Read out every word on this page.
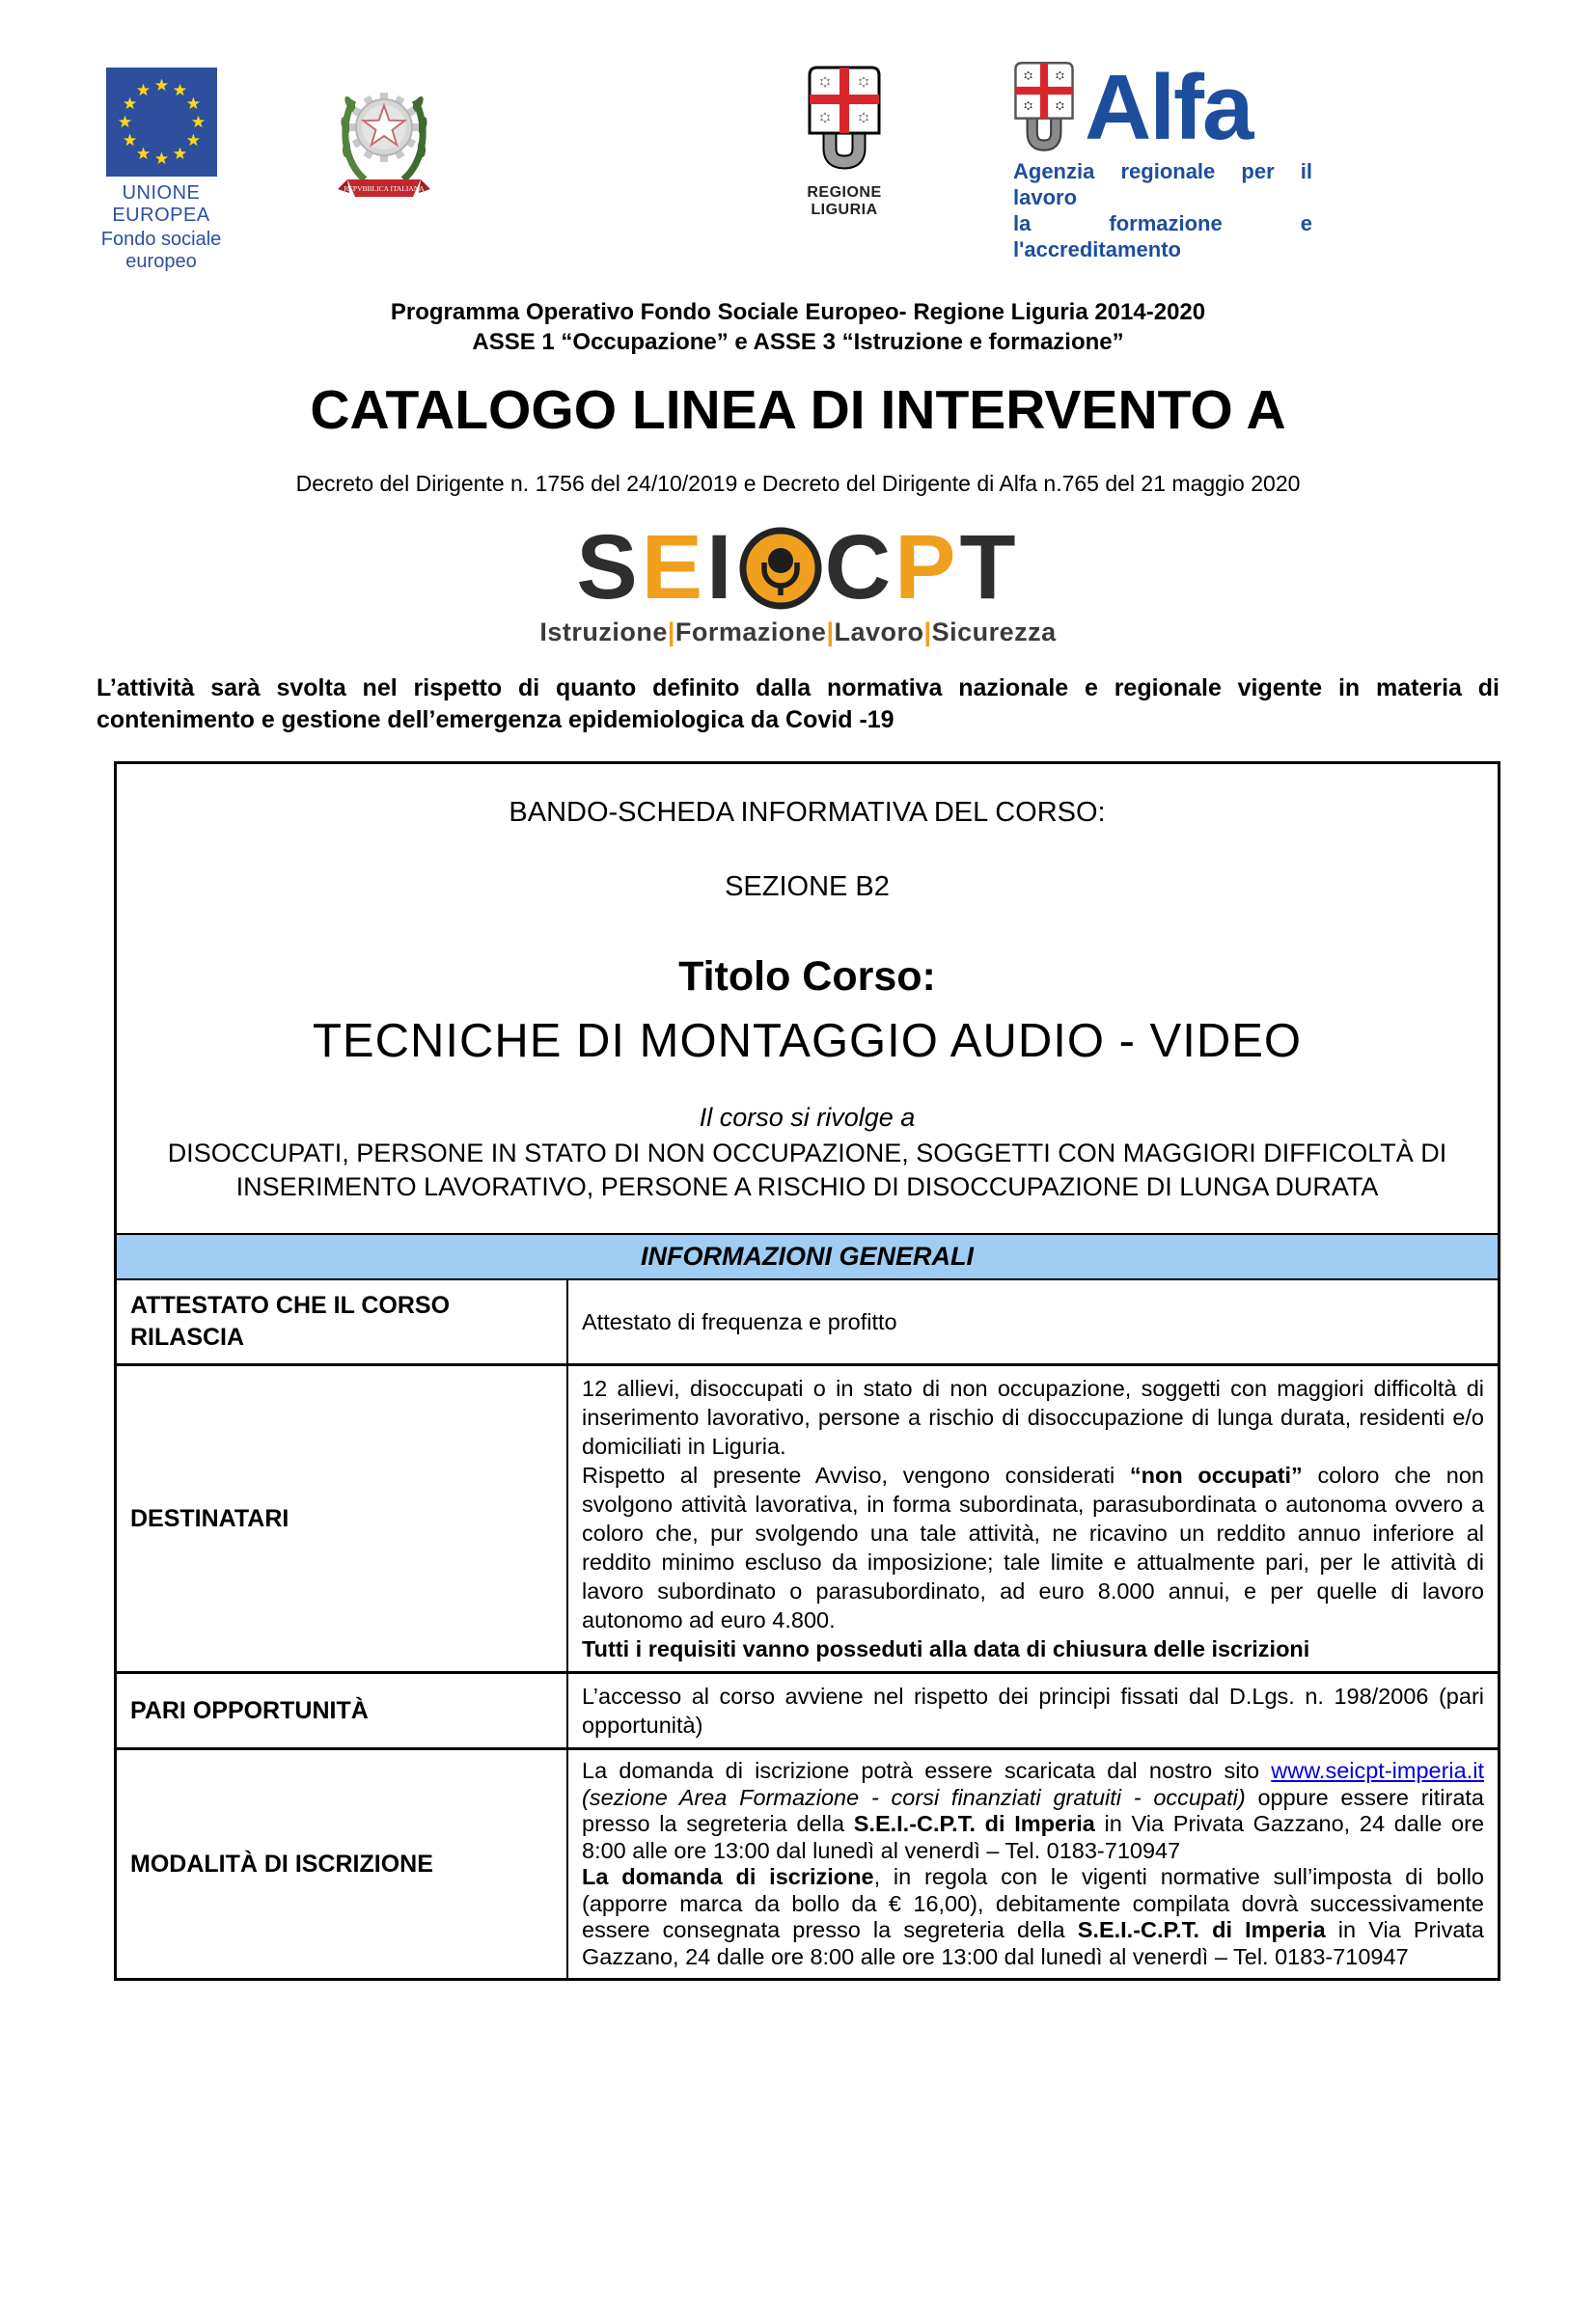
UNIONE EUROPEA
Fondo sociale europeo
REPVBBLICA ITALIANA	REGIONE LIGURIA
Alfa
Agenzia regionale per il lavoro
la formazione e l'accreditamento
Programma Operativo Fondo Sociale Europeo- Regione Liguria 2014-2020
ASSE 1 “Occupazione” e ASSE 3 “Istruzione e formazione”
CATALOGO LINEA DI INTERVENTO A
Decreto del Dirigente n. 1756 del 24/10/2019 e Decreto del Dirigente di Alfa n.765 del 21 maggio 2020
SEI CPT
Istruzione|Formazione|Lavoro|Sicurezza

L’attività sarà svolta nel rispetto di quanto definito dalla normativa nazionale e regionale vigente in materia di contenimento e gestione dell’emergenza epidemiologica da Covid -19

BANDO-SCHEDA INFORMATIVA DEL CORSO:
SEZIONE B2
Titolo Corso:
TECNICHE DI MONTAGGIO AUDIO - VIDEO
Il corso si rivolge a
DISOCCUPATI, PERSONE IN STATO DI NON OCCUPAZIONE, SOGGETTI CON MAGGIORI DIFFICOLTÀ DI INSERIMENTO LAVORATIVO, PERSONE A RISCHIO DI DISOCCUPAZIONE DI LUNGA DURATA
INFORMAZIONI GENERALI
ATTESTATO CHE IL CORSO RILASCIA

Attestato di frequenza e profitto

DESTINATARI

12 allievi, disoccupati o in stato di non occupazione, soggetti con maggiori difficoltà di inserimento lavorativo, persone a rischio di disoccupazione di lunga durata, residenti e/o domiciliati in Liguria.

Rispetto al presente Avviso, vengono considerati “non occupati” coloro che non svolgono attività lavorativa, in forma subordinata, parasubordinata o autonoma ovvero a coloro che, pur svolgendo una tale attività, ne ricavino un reddito annuo inferiore al reddito minimo escluso da imposizione; tale limite e attualmente pari, per le attività di lavoro subordinato o parasubordinato, ad euro 8.000 annui, e per quelle di lavoro autonomo ad euro 4.800.

Tutti i requisiti vanno posseduti alla data di chiusura delle iscrizioni

PARI OPPORTUNITÀ

L’accesso al corso avviene nel rispetto dei principi fissati dal D.Lgs. n. 198/2006 (pari opportunità)

MODALITÀ DI ISCRIZIONE

La domanda di iscrizione potrà essere scaricata dal nostro sito www.seicpt-imperia.it (sezione Area Formazione - corsi finanziati gratuiti - occupati) oppure essere ritirata presso la segreteria della S.E.I.-C.P.T. di Imperia in Via Privata Gazzano, 24 dalle ore 8:00 alle ore 13:00 dal lunedì al venerdì – Tel. 0183-710947

La domanda di iscrizione, in regola con le vigenti normative sull’imposta di bollo (apporre marca da bollo da € 16,00), debitamente compilata dovrà successivamente essere consegnata presso la segreteria della S.E.I.-C.P.T. di Imperia in Via Privata Gazzano, 24 dalle ore 8:00 alle ore 13:00 dal lunedì al venerdì – Tel. 0183-710947
